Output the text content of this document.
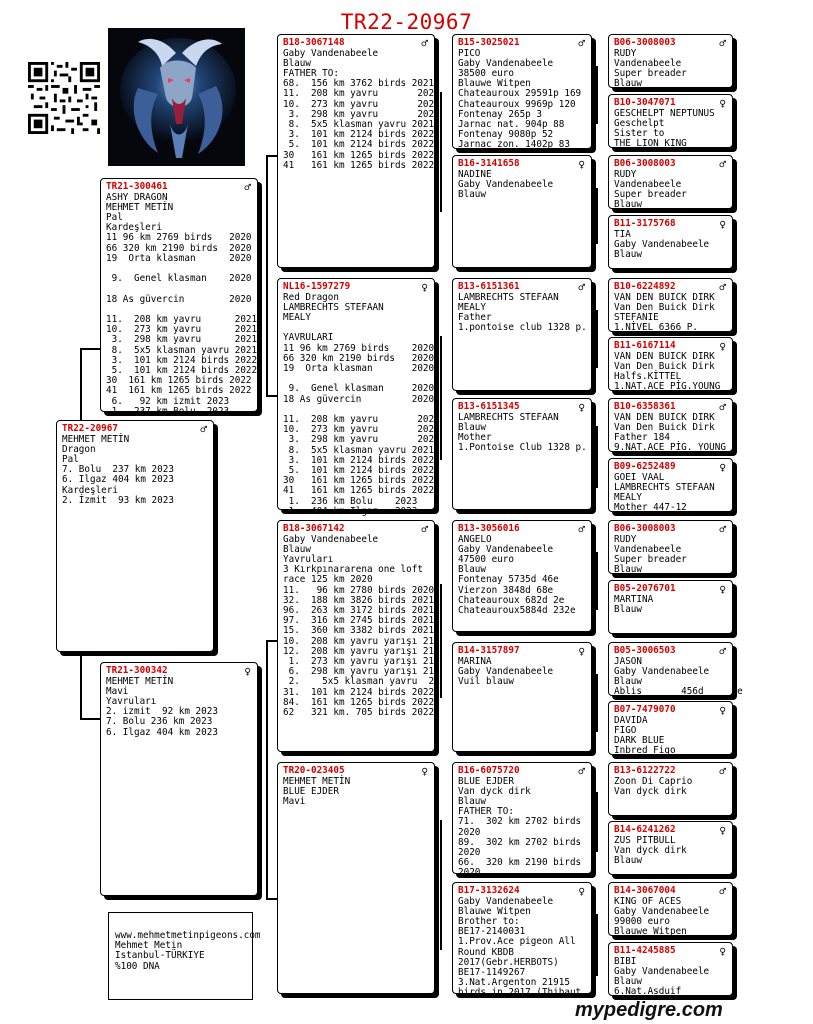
TR22-20967
TR22-20967	♂
MEHMET METİN
Dragon
Pal
7. Bolu  237 km 2023
6. Ilgaz 404 km 2023
Kardeşleri
2. İzmit  93 km 2023
TR21-300461	♂
ASHY DRAGON
MEHMET METİN
Pal
Kardeşleri
11 96 km 2769 birds   2020
66 320 km 2190 birds  2020
19  Orta klasman      2020

9.  Genel klasman    2020

18 As güvercin        2020

11.  208 km yavru      2021
10.  273 km yavru      2021
3.  298 km yavru      2021
8.  5x5 klasman yavru 2021
3.  101 km 2124 birds 2022
5.  101 km 2124 birds 2022
30  161 km 1265 birds 2022
41  161 km 1265 birds 2022
6.   92 km izmit 2023
1.  237 km Bolu  2023
TR21-300342	♀
MEHMET METİN
Mavi
Yavruları
2. izmit  92 km 2023
7. Bolu 236 km 2023
6. Ilgaz 404 km 2023
B18-3067148	♂
Gaby Vandenabeele
Blauw
FATHER TO:
68.  156 km 3762 birds 2021
11.  208 km yavru       2021
10.  273 km yavru       2021
3.  298 km yavru       2021
8.  5x5 klasman yavru 2021
3.  101 km 2124 birds 2022
5.  101 km 2124 birds 2022
30   161 km 1265 birds 2022
41   161 km 1265 birds 2022
NL16-1597279	♀
Red Dragon
LAMBRECHTS STEFAAN
MEALY

YAVRULARI
11 96 km 2769 birds    2020
66 320 km 2190 birds   2020
19  Orta klasman       2020

9.  Genel klasman     2020
18 As güvercin         2020

11.  208 km yavru       2021
10.  273 km yavru       2021
3.  298 km yavru       2021
8.  5x5 klasman yavru 2021
3.  101 km 2124 birds 2022
5.  101 km 2124 birds 2022
30   161 km 1265 birds 2022
41   161 km 1265 birds 2022
1.  236 km Bolu    2023
1.  404 km Ilgaz   2023
B18-3067142	♂
Gaby Vandenabeele
Blauw
Yavruları
3 Kırkpınararena one loft
race 125 km 2020
11.   96 km 2780 birds 2020
32.  188 km 3826 birds 2021
96.  263 km 3172 birds 2021
97.  316 km 2745 birds 2021
15.  360 km 3382 birds 2021
10.  208 km yavru yarışı 21
12.  208 km yavru yarışı 21
1.  273 km yavru yarışı 21
6.  298 km yavru yarışı 21
2.    5x5 klasman yavru  21
31.  101 km 2124 birds 2022
84.  161 km 1265 birds 2022
62   321 km. 705 birds 2022
TR20-023405	♀
MEHMET METİN
BLUE EJDER
Mavi
B15-3025021	♂
PICO
Gaby Vandenabeele
38500 euro
Blauwe Witpen
Chateauroux 29591p 169
Chateauroux 9969p 120
Fontenay 265p 3
Jarnac nat. 904p 88
Fontenay 9080p 52
Jarnac zon. 1402p 83
B16-3141658	♀
NADINE
Gaby Vandenabeele
Blauw
B13-6151361	♂
LAMBRECHTS STEFAAN
MEALY
Father
1.pontoise club 1328 p.
B13-6151345	♀
LAMBRECHTS STEFAAN
Blauw
Mother
1.Pontoise Club 1328 p.
B13-3056016	♂
ANGELO
Gaby Vandenabeele
47500 euro
Blauw
Fontenay 5735d 46e
Vierzon 3848d 68e
Chateauroux 682d 2e
Chateauroux5884d 232e
B14-3157897	♀
MARINA
Gaby Vandenabeele
Vuil blauw
B16-6075720	♂
BLUE EJDER
Van dyck dirk
Blauw
FATHER TO:
71.  302 km 2702 birds
2020
89.  302 km 2702 birds
2020
66.  320 km 2190 birds
2020
B17-3132624	♀
Gaby Vandenabeele
Blauwe Witpen
Brother to:
BE17-2140031
1.Prov.Ace pigeon All
Round KBDB
2017(Gebr.HERBOTS)
BE17-1149267
3.Nat.Argenton 21915
birds in 2017 (Thibaut
B06-3008003	♂
RUDY
Vandenabeele
Super breader
Blauw
B10-3047071	♀
GESCHELPT NEPTUNUS
Geschelpt
Sister to
THE LION KING
B06-3008003	♂
RUDY
Vandenabeele
Super breader
Blauw
B11-3175768	♀
TIA
Gaby Vandenabeele
Blauw
B10-6224892	♂
VAN DEN BUICK DIRK
Van Den Buick Dirk
STEFANIE
1.NİVEL 6366 P.
B11-6167114	♀
VAN DEN BUICK DIRK
Van Den Buick Dirk
Halfs.KİTTEL
1.NAT.ACE PİG.YOUNG
B10-6358361	♂
VAN DEN BUICK DIRK
Van Den Buick Dirk
Father 184
9.NAT.ACE PİG. YOUNG
B09-6252489	♀
GOEI VAAL
LAMBRECHTS STEFAAN
MEALY
Mother 447-12
B06-3008003	♂
RUDY
Vandenabeele
Super breader
Blauw
B05-2076701	♀
MARTINA
Blauw
B05-3006503	♂
JASON
Gaby Vandenabeele
Blauw
Ablis       456d     7e
B07-7479070	♀
DAVIDA
FIGO
DARK BLUE
Inbred Figo
B13-6122722	♂
Zoon Di Caprio
Van dyck dirk
B14-6241262	♀
ZUS PITBULL
Van dyck dirk
Blauw
B14-3067004	♂
KING OF ACES
Gaby Vandenabeele
99000 euro
Blauwe Witpen
B11-4245885	♀
BIBI
Gaby Vandenabeele
Blauw
6.Nat.Asduif
www.mehmetmetinpigeons.com
Mehmet Metin
Istanbul-TÜRKIYE
%100 DNA
mypedigre.com
